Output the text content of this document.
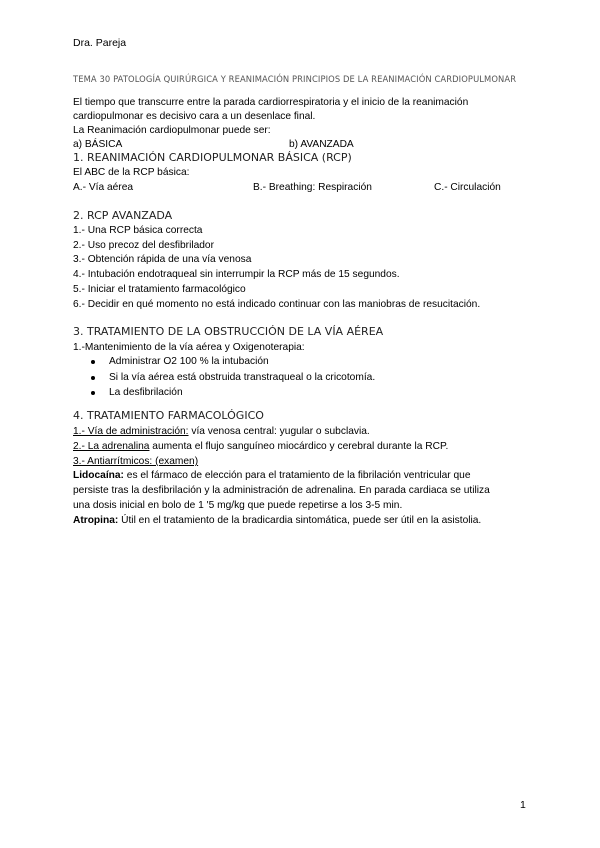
Dra. Pareja
TEMA 30 PATOLOGÍA QUIRÚRGICA Y REANIMACIÓN PRINCIPIOS DE LA REANIMACIÓN CARDIOPULMONAR
El tiempo que transcurre entre la parada cardiorrespiratoria y el inicio de la reanimación
cardiopulmonar es decisivo cara a un desenlace final.
La Reanimación cardiopulmonar puede ser:
a) BÁSICA	b) AVANZADA
1. REANIMACIÓN CARDIOPULMONAR BÁSICA (RCP)
El ABC de la RCP básica:
A.- Vía aérea	B.- Breathing: Respiración	C.- Circulación
2. RCP AVANZADA
1.- Una RCP básica correcta
2.- Uso precoz del desfibrilador
3.- Obtención rápida de una vía venosa
4.- Intubación endotraqueal sin interrumpir la RCP más de 15 segundos.
5.- Iniciar el tratamiento farmacológico
6.- Decidir en qué momento no está indicado continuar con las maniobras de resucitación.
3. TRATAMIENTO DE LA OBSTRUCCIÓN DE LA VÍA AÉREA
1.-Mantenimiento de la vía aérea y Oxigenoterapia:
Administrar O2 100 % la intubación
Si la vía aérea está obstruida transtraqueal o la cricotomía.
La desfibrilación
4. TRATAMIENTO FARMACOLÓGICO
1.- Vía de administración: vía venosa central: yugular o subclavia.
2.- La adrenalina aumenta el flujo sanguíneo miocárdico y cerebral durante la RCP.
3.- Antiarrítmicos: (examen)
Lidocaína: es el fármaco de elección para el tratamiento de la fibrilación ventricular que
persiste tras la desfibrilación y la administración de adrenalina. En parada cardiaca se utiliza
una dosis inicial en bolo de 1 '5 mg/kg que puede repetirse a los 3-5 min.
Atropina: Útil en el tratamiento de la bradicardia sintomática, puede ser útil en la asistolia.
1
